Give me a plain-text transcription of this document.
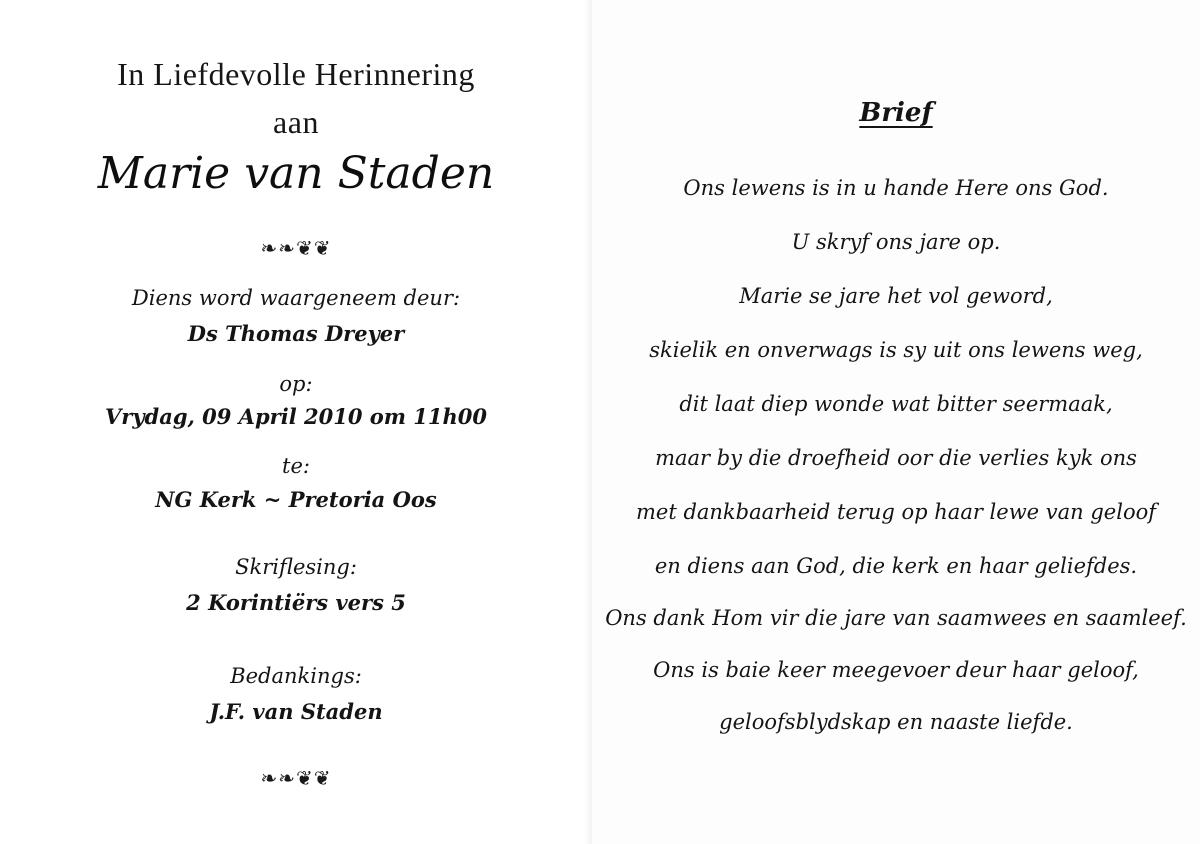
In Liefdevolle Herinnering
aan
Marie van Staden
❧❧❦❦
Diens word waargeneem deur:
Ds Thomas Dreyer
op:
Vrydag, 09 April 2010 om 11h00
te:
NG Kerk ~ Pretoria Oos
Skriflesing:
2 Korintiërs vers 5
Bedankings:
J.F. van Staden
❧❧❦❦
Brief
Ons lewens is in u hande Here ons God.
U skryf ons jare op.
Marie se jare het vol geword,
skielik en onverwags is sy uit ons lewens weg,
dit laat diep wonde wat bitter seermaak,
maar by die droefheid oor die verlies kyk ons
met dankbaarheid terug op haar lewe van geloof
en diens aan God, die kerk en haar geliefdes.
Ons dank Hom vir die jare van saamwees en saamleef.
Ons is baie keer meegevoer deur haar geloof,
geloofsblydskap en naaste liefde.
